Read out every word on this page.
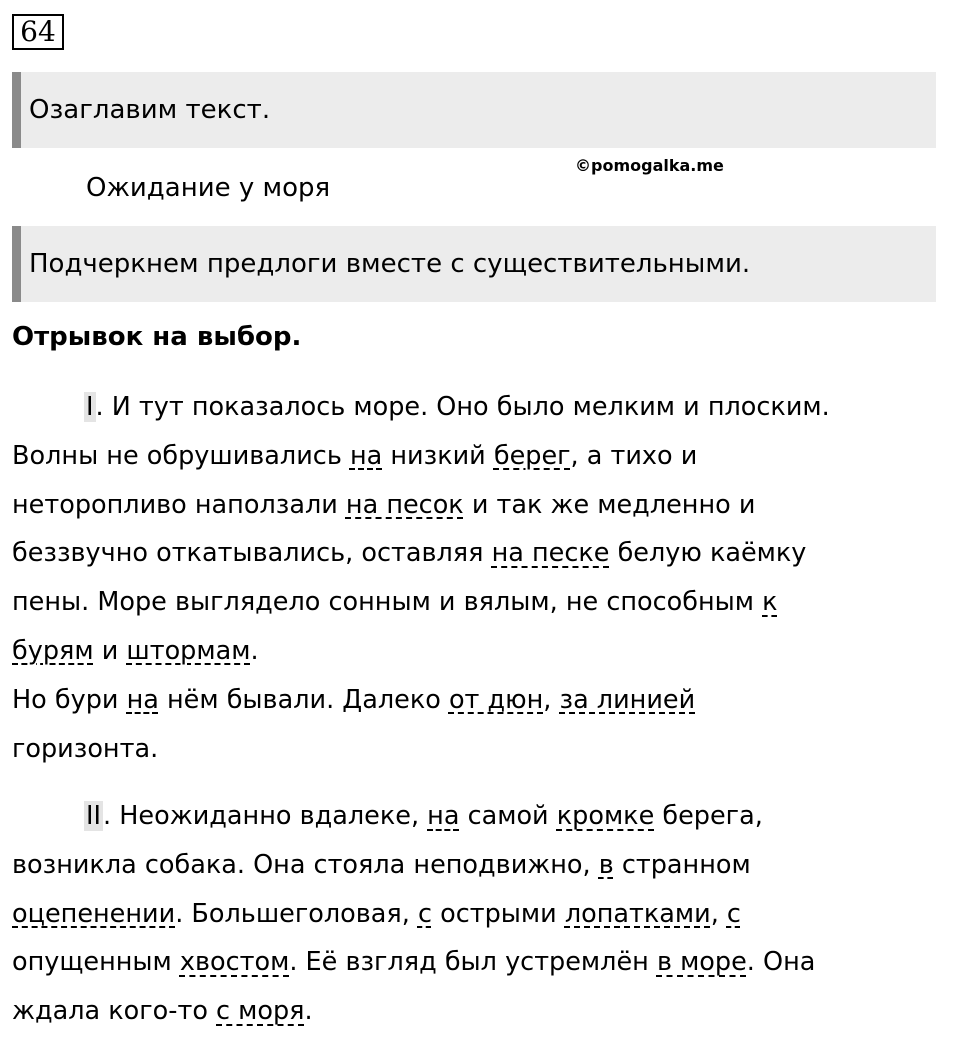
64
Озаглавим текст.
Ожидание у моря
©pomogalka.me
Подчеркнем предлоги вместе с существительными.
Отрывок на выбор.
I. И тут показалось море. Оно было мелким и плоским.
Волны не обрушивались на низкий берег, а тихо и
неторопливо наползали на песок и так же медленно и
беззвучно откатывались, оставляя на песке белую каёмку
пены. Море выглядело сонным и вялым, не способным к
бурям и штормам.
Но бури на нём бывали. Далеко от дюн, за линией
горизонта.
II. Неожиданно вдалеке, на самой кромке берега,
возникла собака. Она стояла неподвижно, в странном
оцепенении. Большеголовая, с острыми лопатками, с
опущенным хвостом. Её взгляд был устремлён в море. Она
ждала кого-то с моря.
